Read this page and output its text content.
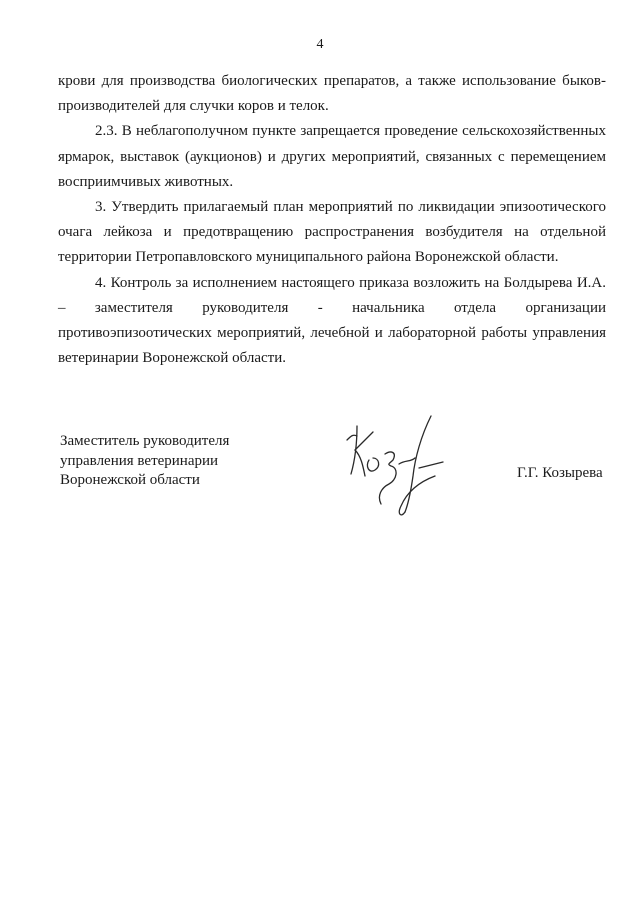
4

крови для производства биологических препаратов, а также использование быков-производителей для случки коров и телок.

2.3. В неблагополучном пункте запрещается проведение сельскохозяйственных ярмарок, выставок (аукционов) и других мероприятий, связанных с перемещением восприимчивых животных.

3. Утвердить прилагаемый план мероприятий по ликвидации эпизоотического очага лейкоза и предотвращению распространения возбудителя на отдельной территории Петропавловского муниципального района Воронежской области.

4. Контроль за исполнением настоящего приказа возложить на Болдырева И.А. – заместителя руководителя - начальника отдела организации противоэпизоотических мероприятий, лечебной и лабораторной работы управления ветеринарии Воронежской области.

Заместитель руководителя
управления ветеринарии
Воронежской области	Г.Г. Козырева
